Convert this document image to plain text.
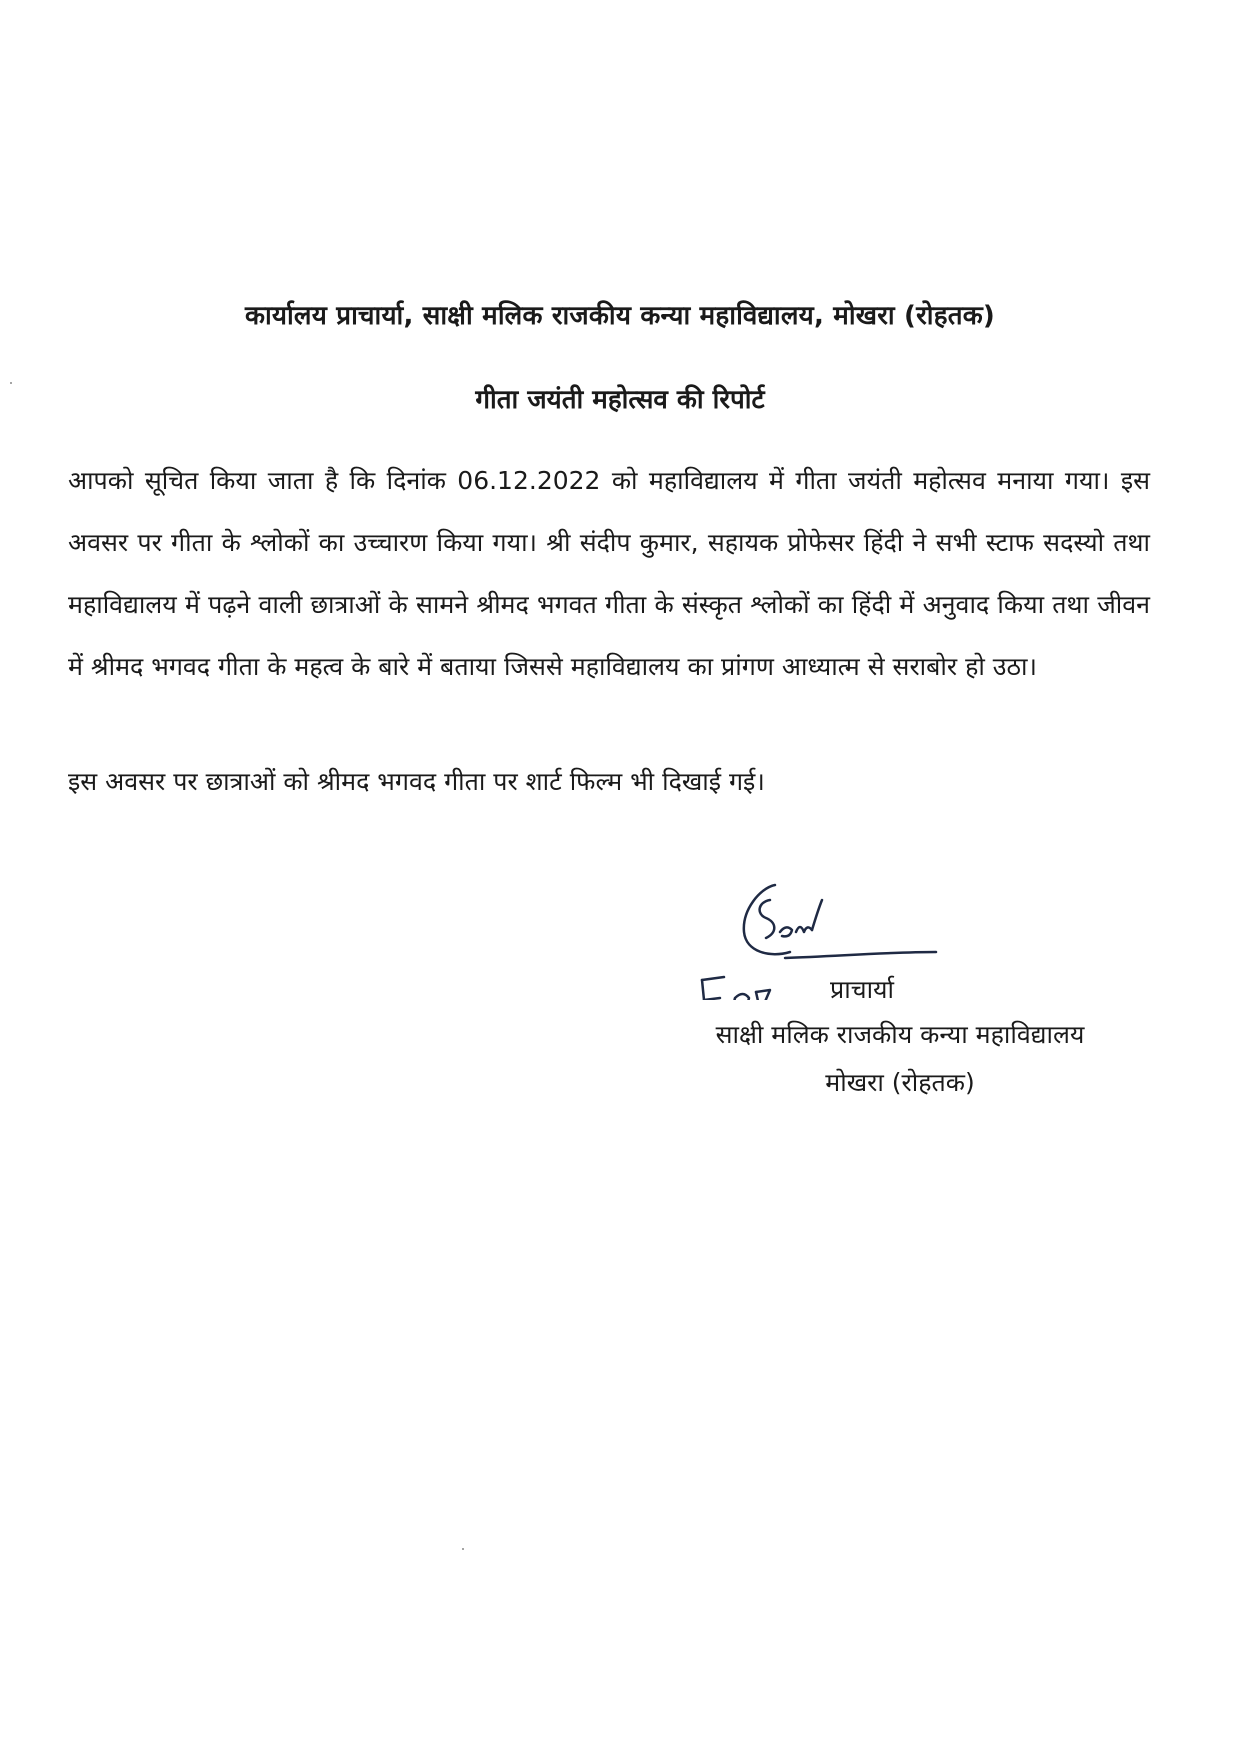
कार्यालय प्राचार्या, साक्षी मलिक राजकीय कन्या महाविद्यालय, मोखरा (रोहतक)
गीता जयंती महोत्सव की रिपोर्ट

आपको सूचित किया जाता है कि दिनांक 06.12.2022 को महाविद्यालय में गीता जयंती महोत्सव मनाया गया। इस अवसर पर गीता के श्लोकों का उच्चारण किया गया। श्री संदीप कुमार, सहायक प्रोफेसर हिंदी ने सभी स्टाफ सदस्यो तथा महाविद्यालय में पढ़ने वाली छात्राओं के सामने श्रीमद भगवत गीता के संस्कृत श्लोकों का हिंदी में अनुवाद किया तथा जीवन में श्रीमद भगवद गीता के महत्व के बारे में बताया जिससे महाविद्यालय का प्रांगण आध्यात्म से सराबोर हो उठा।

इस अवसर पर छात्राओं को श्रीमद भगवद गीता पर शार्ट फिल्म भी दिखाई गई।

प्राचार्या
साक्षी मलिक राजकीय कन्या महाविद्यालय
मोखरा (रोहतक)
